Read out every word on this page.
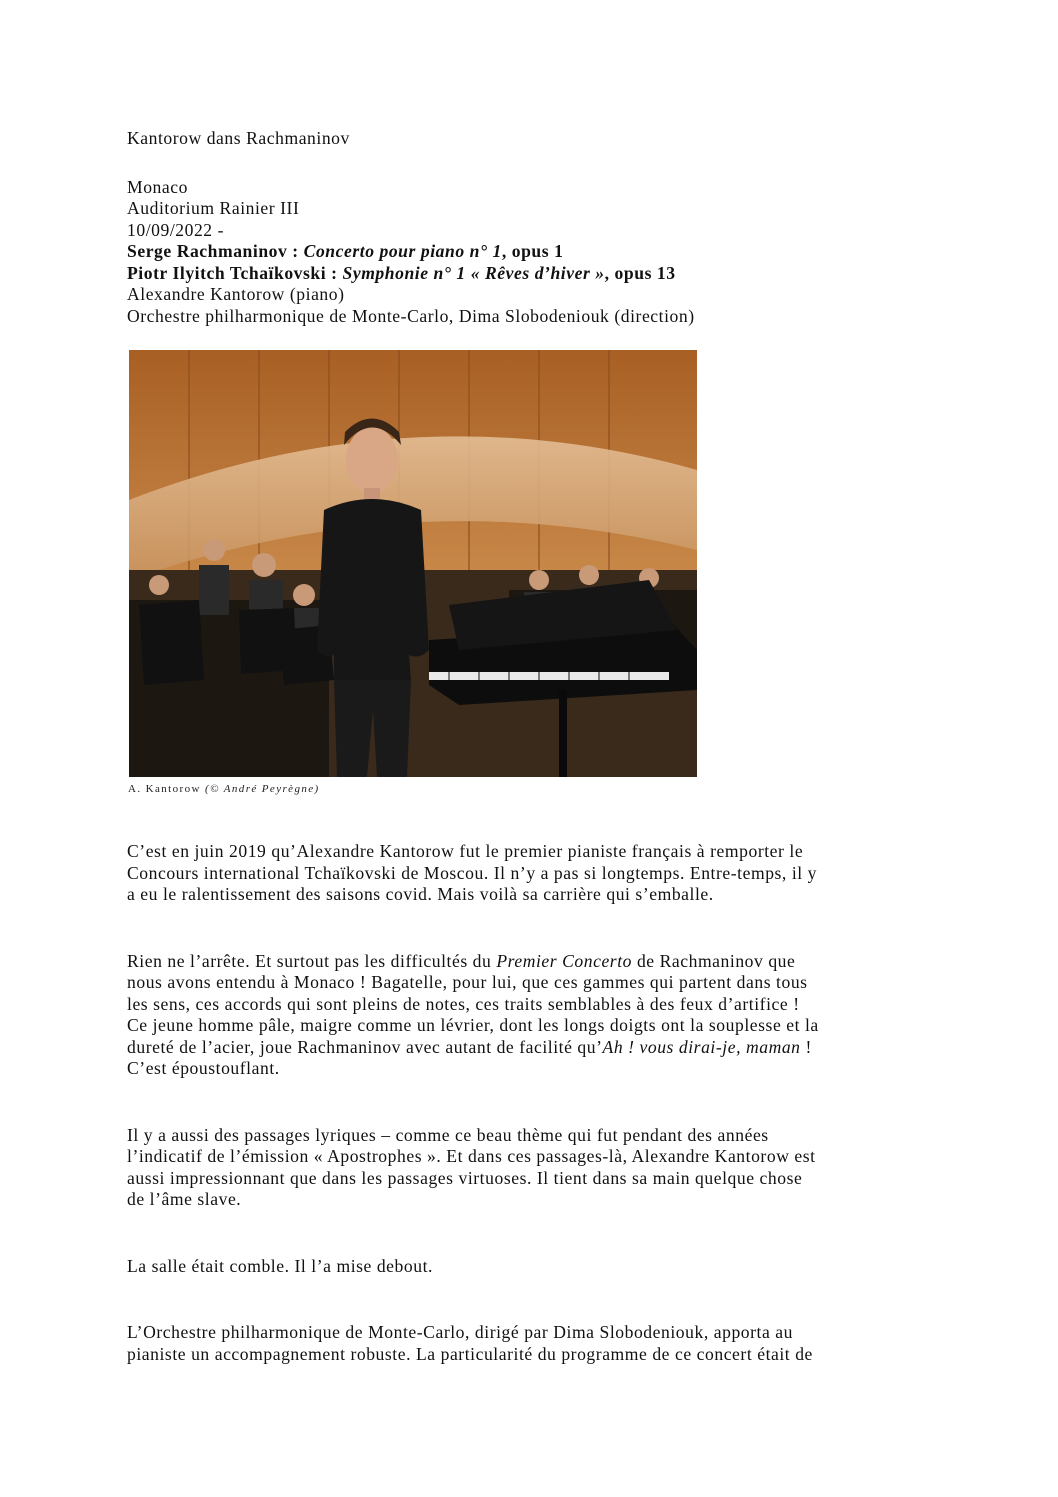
Kantorow dans Rachmaninov
Monaco
Auditorium Rainier III
10/09/2022 -
Serge Rachmaninov : Concerto pour piano n° 1, opus 1
Piotr Ilyitch Tchaïkovski : Symphonie n° 1 « Rêves d’hiver », opus 13
Alexandre Kantorow (piano)
Orchestre philharmonique de Monte-Carlo, Dima Slobodeniouk (direction)
A. Kantorow (© André Peyrègne)
C’est en juin 2019 qu’Alexandre Kantorow fut le premier pianiste français à remporter le
Concours international Tchaïkovski de Moscou. Il n’y a pas si longtemps. Entre-temps, il y
a eu le ralentissement des saisons covid. Mais voilà sa carrière qui s’emballe.
Rien ne l’arrête. Et surtout pas les difficultés du Premier Concerto de Rachmaninov que
nous avons entendu à Monaco ! Bagatelle, pour lui, que ces gammes qui partent dans tous
les sens, ces accords qui sont pleins de notes, ces traits semblables à des feux d’artifice !
Ce jeune homme pâle, maigre comme un lévrier, dont les longs doigts ont la souplesse et la
dureté de l’acier, joue Rachmaninov avec autant de facilité qu’Ah ! vous dirai-je, maman !
C’est époustouflant.
Il y a aussi des passages lyriques – comme ce beau thème qui fut pendant des années
l’indicatif de l’émission « Apostrophes ». Et dans ces passages-là, Alexandre Kantorow est
aussi impressionnant que dans les passages virtuoses. Il tient dans sa main quelque chose
de l’âme slave.
La salle était comble. Il l’a mise debout.
L’Orchestre philharmonique de Monte-Carlo, dirigé par Dima Slobodeniouk, apporta au
pianiste un accompagnement robuste. La particularité du programme de ce concert était de
